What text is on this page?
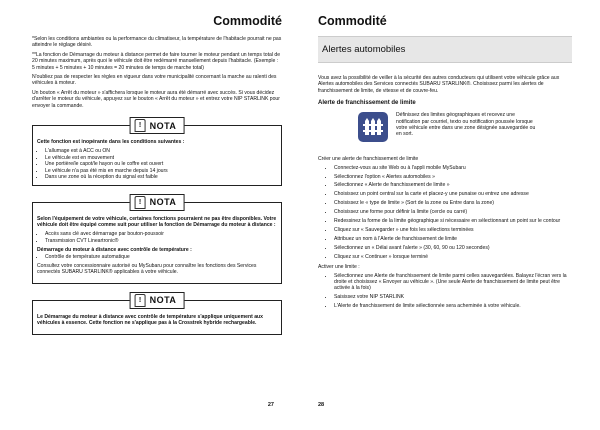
Commodité

*Selon les conditions ambiantes ou la performance du climatiseur, la température de l'habitacle pourrait ne pas atteindre le réglage désiré.

**La fonction de Démarrage du moteur à distance permet de faire tourner le moteur pendant un temps total de 20 minutes maximum, après quoi le véhicule doit être redémarré manuellement depuis l'habitacle. (Exemple : 5 minutes + 5 minutes + 10 minutes = 20 minutes de temps de marche total)

N'oubliez pas de respecter les règles en vigueur dans votre municipalité concernant la marche au ralenti des véhicules à moteur.

Un bouton « Arrêt du moteur » s'affichera lorsque le moteur aura été démarré avec succès. Si vous décidez d'arrêter le moteur du véhicule, appuyez sur le bouton « Arrêt du moteur » et entrez votre NIP STARLINK pour envoyer la commande.

! NOTA

Cette fonction est inopérante dans les conditions suivantes :

• L'allumage est à ACC ou ON
• Le véhicule est en mouvement
• Une portière/le capot/le hayon ou le coffre est ouvert
• Le véhicule n'a pas été mis en marche depuis 14 jours
• Dans une zone où la réception du signal est faible
! NOTA

Selon l'équipement de votre véhicule, certaines fonctions pourraient ne pas être disponibles. Votre véhicule doit être équipé comme suit pour utiliser la fonction de Démarrage du moteur à distance :

• Accès sans clé avec démarrage par bouton-poussoir
• Transmission CVT Lineartronic®

Démarrage du moteur à distance avec contrôle de température :

• Contrôle de température automatique

Consultez votre concessionnaire autorisé ou MySubaru pour connaître les fonctions des Services connectés SUBARU STARLINK® applicables à votre véhicule.

! NOTA

Le Démarrage du moteur à distance avec contrôle de température s'applique uniquement aux véhicules à essence. Cette fonction ne s'applique pas à la Crosstrek hybride rechargeable.

27
Commodité
Alertes automobiles

Vous avez la possibilité de veiller à la sécurité des autres conducteurs qui utilisent votre véhicule grâce aux Alertes automobiles des Services connectés SUBARU STARLINK®. Choisissez parmi les alertes de franchissement de limite, de vitesse et de couvre-feu.

Alerte de franchissement de limite

Définissez des limites géographiques et recevez une notification par courriel, texto ou notification poussée lorsque votre véhicule entre dans une zone désignée sauvegardée ou en sort.

Créer une alerte de franchissement de limite

• Connectez-vous au site Web ou à l'appli mobile MySubaru
• Sélectionnez l'option « Alertes automobiles »
• Sélectionnez « Alerte de franchissement de limite »
• Choisissez un point central sur la carte et placez-y une punaise ou entrez une adresse
• Choisissez le « type de limite » (Sort de la zone ou Entre dans la zone)
• Choisissez une forme pour définir la limite (cercle ou carré)
• Redessinez la forme de la limite géographique si nécessaire en sélectionnant un point sur le contour
• Cliquez sur « Sauvegarder » une fois les sélections terminées
• Attribuez un nom à l'Alerte de franchissement de limite
• Sélectionnez un « Délai avant l'alerte » (30, 60, 90 ou 120 secondes)
• Cliquez sur « Continuer » lorsque terminé

Activer une limite :

• Sélectionnez une Alerte de franchissement de limite parmi celles sauvegardées. Balayez l'écran vers la droite et choisissez « Envoyer au véhicule ». (Une seule Alerte de franchissement de limite peut être activée à la fois)
• Saisissez votre NIP STARLINK
• L'Alerte de franchissement de limite sélectionnée sera acheminée à votre véhicule.
28
